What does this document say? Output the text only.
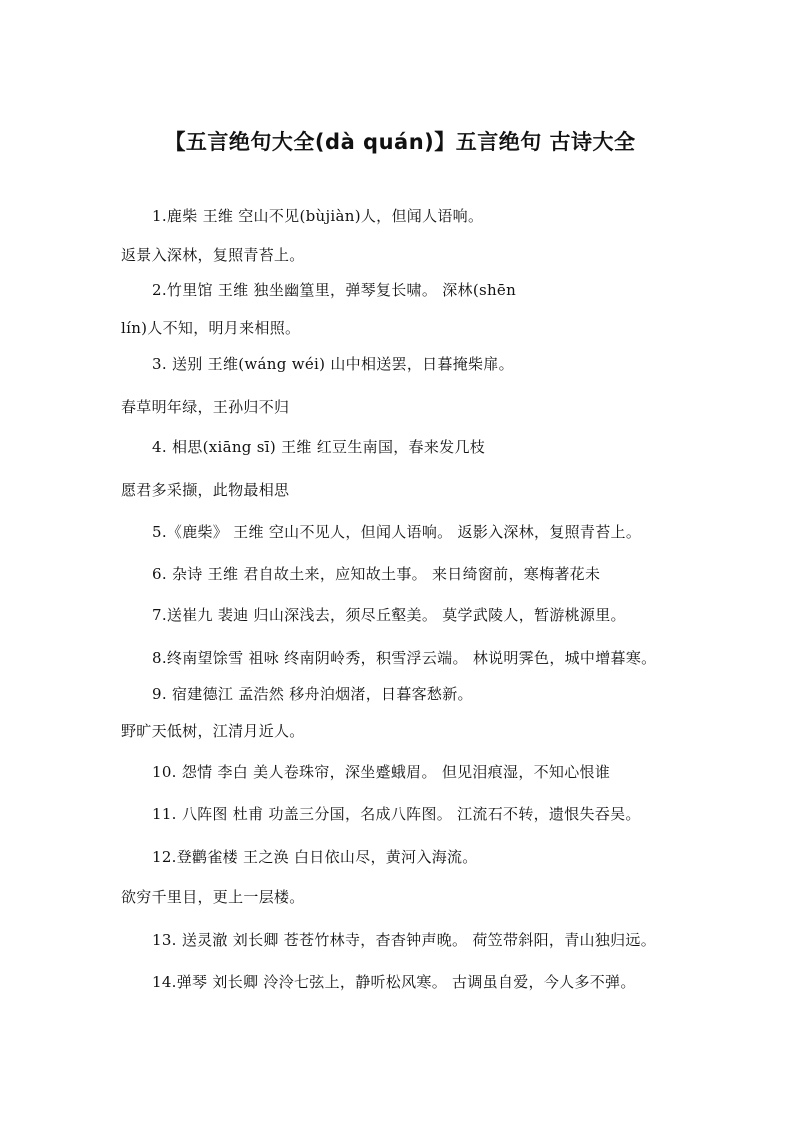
【五言绝句大全(dà quán)】五言绝句 古诗大全
1.鹿柴 王维 空山不见(bùjiàn)人，但闻人语响。
返景入深林，复照青苔上。
2.竹里馆 王维 独坐幽篁里，弹琴复长啸。 深林(shēn
lín)人不知，明月来相照。
3. 送别 王维(wáng wéi) 山中相送罢，日暮掩柴扉。
春草明年绿，王孙归不归
4. 相思(xiāng sī) 王维 红豆生南国，春来发几枝
愿君多采撷，此物最相思
5.《鹿柴》 王维 空山不见人，但闻人语响。 返影入深林，复照青苔上。
6. 杂诗 王维 君自故土来，应知故土事。 来日绮窗前，寒梅著花未
7.送崔九 裴迪 归山深浅去，须尽丘壑美。 莫学武陵人，暂游桃源里。
8.终南望馀雪 祖咏 终南阴岭秀，积雪浮云端。 林说明霁色，城中增暮寒。
9. 宿建德江 孟浩然 移舟泊烟渚，日暮客愁新。
野旷天低树，江清月近人。
10. 怨情 李白 美人卷珠帘，深坐蹙蛾眉。 但见泪痕湿，不知心恨谁
11. 八阵图 杜甫 功盖三分国，名成八阵图。 江流石不转，遗恨失吞吴。
12.登鹳雀楼 王之涣 白日依山尽，黄河入海流。
欲穷千里目，更上一层楼。
13. 送灵澈 刘长卿 苍苍竹林寺，杳杳钟声晚。 荷笠带斜阳，青山独归远。
14.弹琴 刘长卿 泠泠七弦上，静听松风寒。 古调虽自爱，今人多不弹。
